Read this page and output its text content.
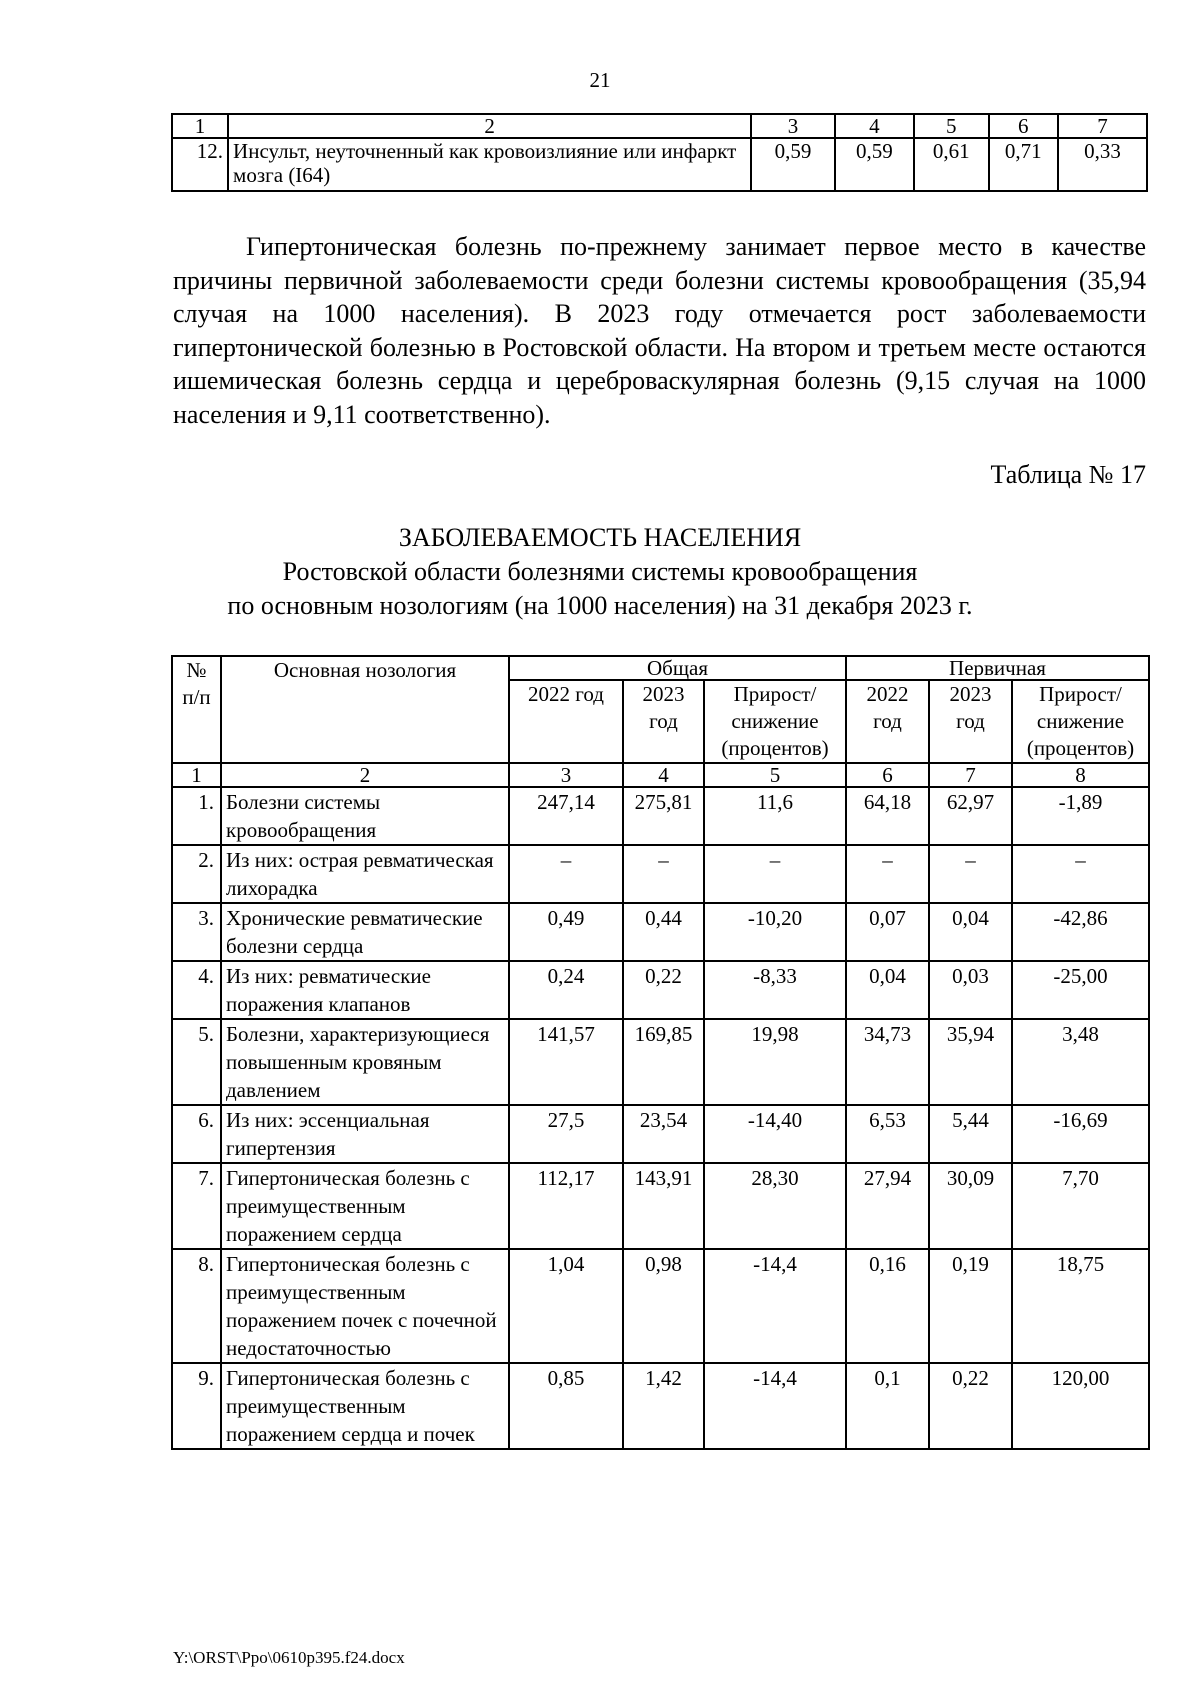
21
1	2	3	4	5	6	7
12.	Инсульт, неуточненный как кровоизлияние или инфаркт мозга (I64)	0,59	0,59	0,61	0,71	0,33

Гипертоническая болезнь по-прежнему занимает первое место в качестве причины первичной заболеваемости среди болезни системы кровообращения (35,94 случая на 1000 населения). В 2023 году отмечается рост заболеваемости гипертонической болезнью в Ростовской области. На втором и третьем месте остаются ишемическая болезнь сердца и цереброваскулярная болезнь (9,15 случая на 1000 населения и 9,11 соответственно).

Таблица № 17
ЗАБОЛЕВАЕМОСТЬ НАСЕЛЕНИЯ
Ростовской области болезнями системы кровообращения
по основным нозологиям (на 1000 населения) на 31 декабря 2023 г.
№ п/п	Основная нозология	Общая			Первичная		
		2022 год	2023 год	Прирост/ снижение (процентов)	2022 год	2023 год	Прирост/ снижение (процентов)
1	2	3	4	5	6	7	8
1.	Болезни системы кровообращения	247,14	275,81	11,6	64,18	62,97	-1,89
2.	Из них: острая ревматическая лихорадка	–	–	–	–	–	–
3.	Хронические ревматические болезни сердца	0,49	0,44	-10,20	0,07	0,04	-42,86
4.	Из них: ревматические поражения клапанов	0,24	0,22	-8,33	0,04	0,03	-25,00
5.	Болезни, характеризующиеся повышенным кровяным давлением	141,57	169,85	19,98	34,73	35,94	3,48
6.	Из них: эссенциальная гипертензия	27,5	23,54	-14,40	6,53	5,44	-16,69
7.	Гипертоническая болезнь с преимущественным поражением сердца	112,17	143,91	28,30	27,94	30,09	7,70
8.	Гипертоническая болезнь с преимущественным поражением почек с почечной недостаточностью	1,04	0,98	-14,4	0,16	0,19	18,75
9.	Гипертоническая болезнь с преимущественным поражением сердца и почек	0,85	1,42	-14,4	0,1	0,22	120,00
Y:\ORST\Ppo\0610p395.f24.docx
